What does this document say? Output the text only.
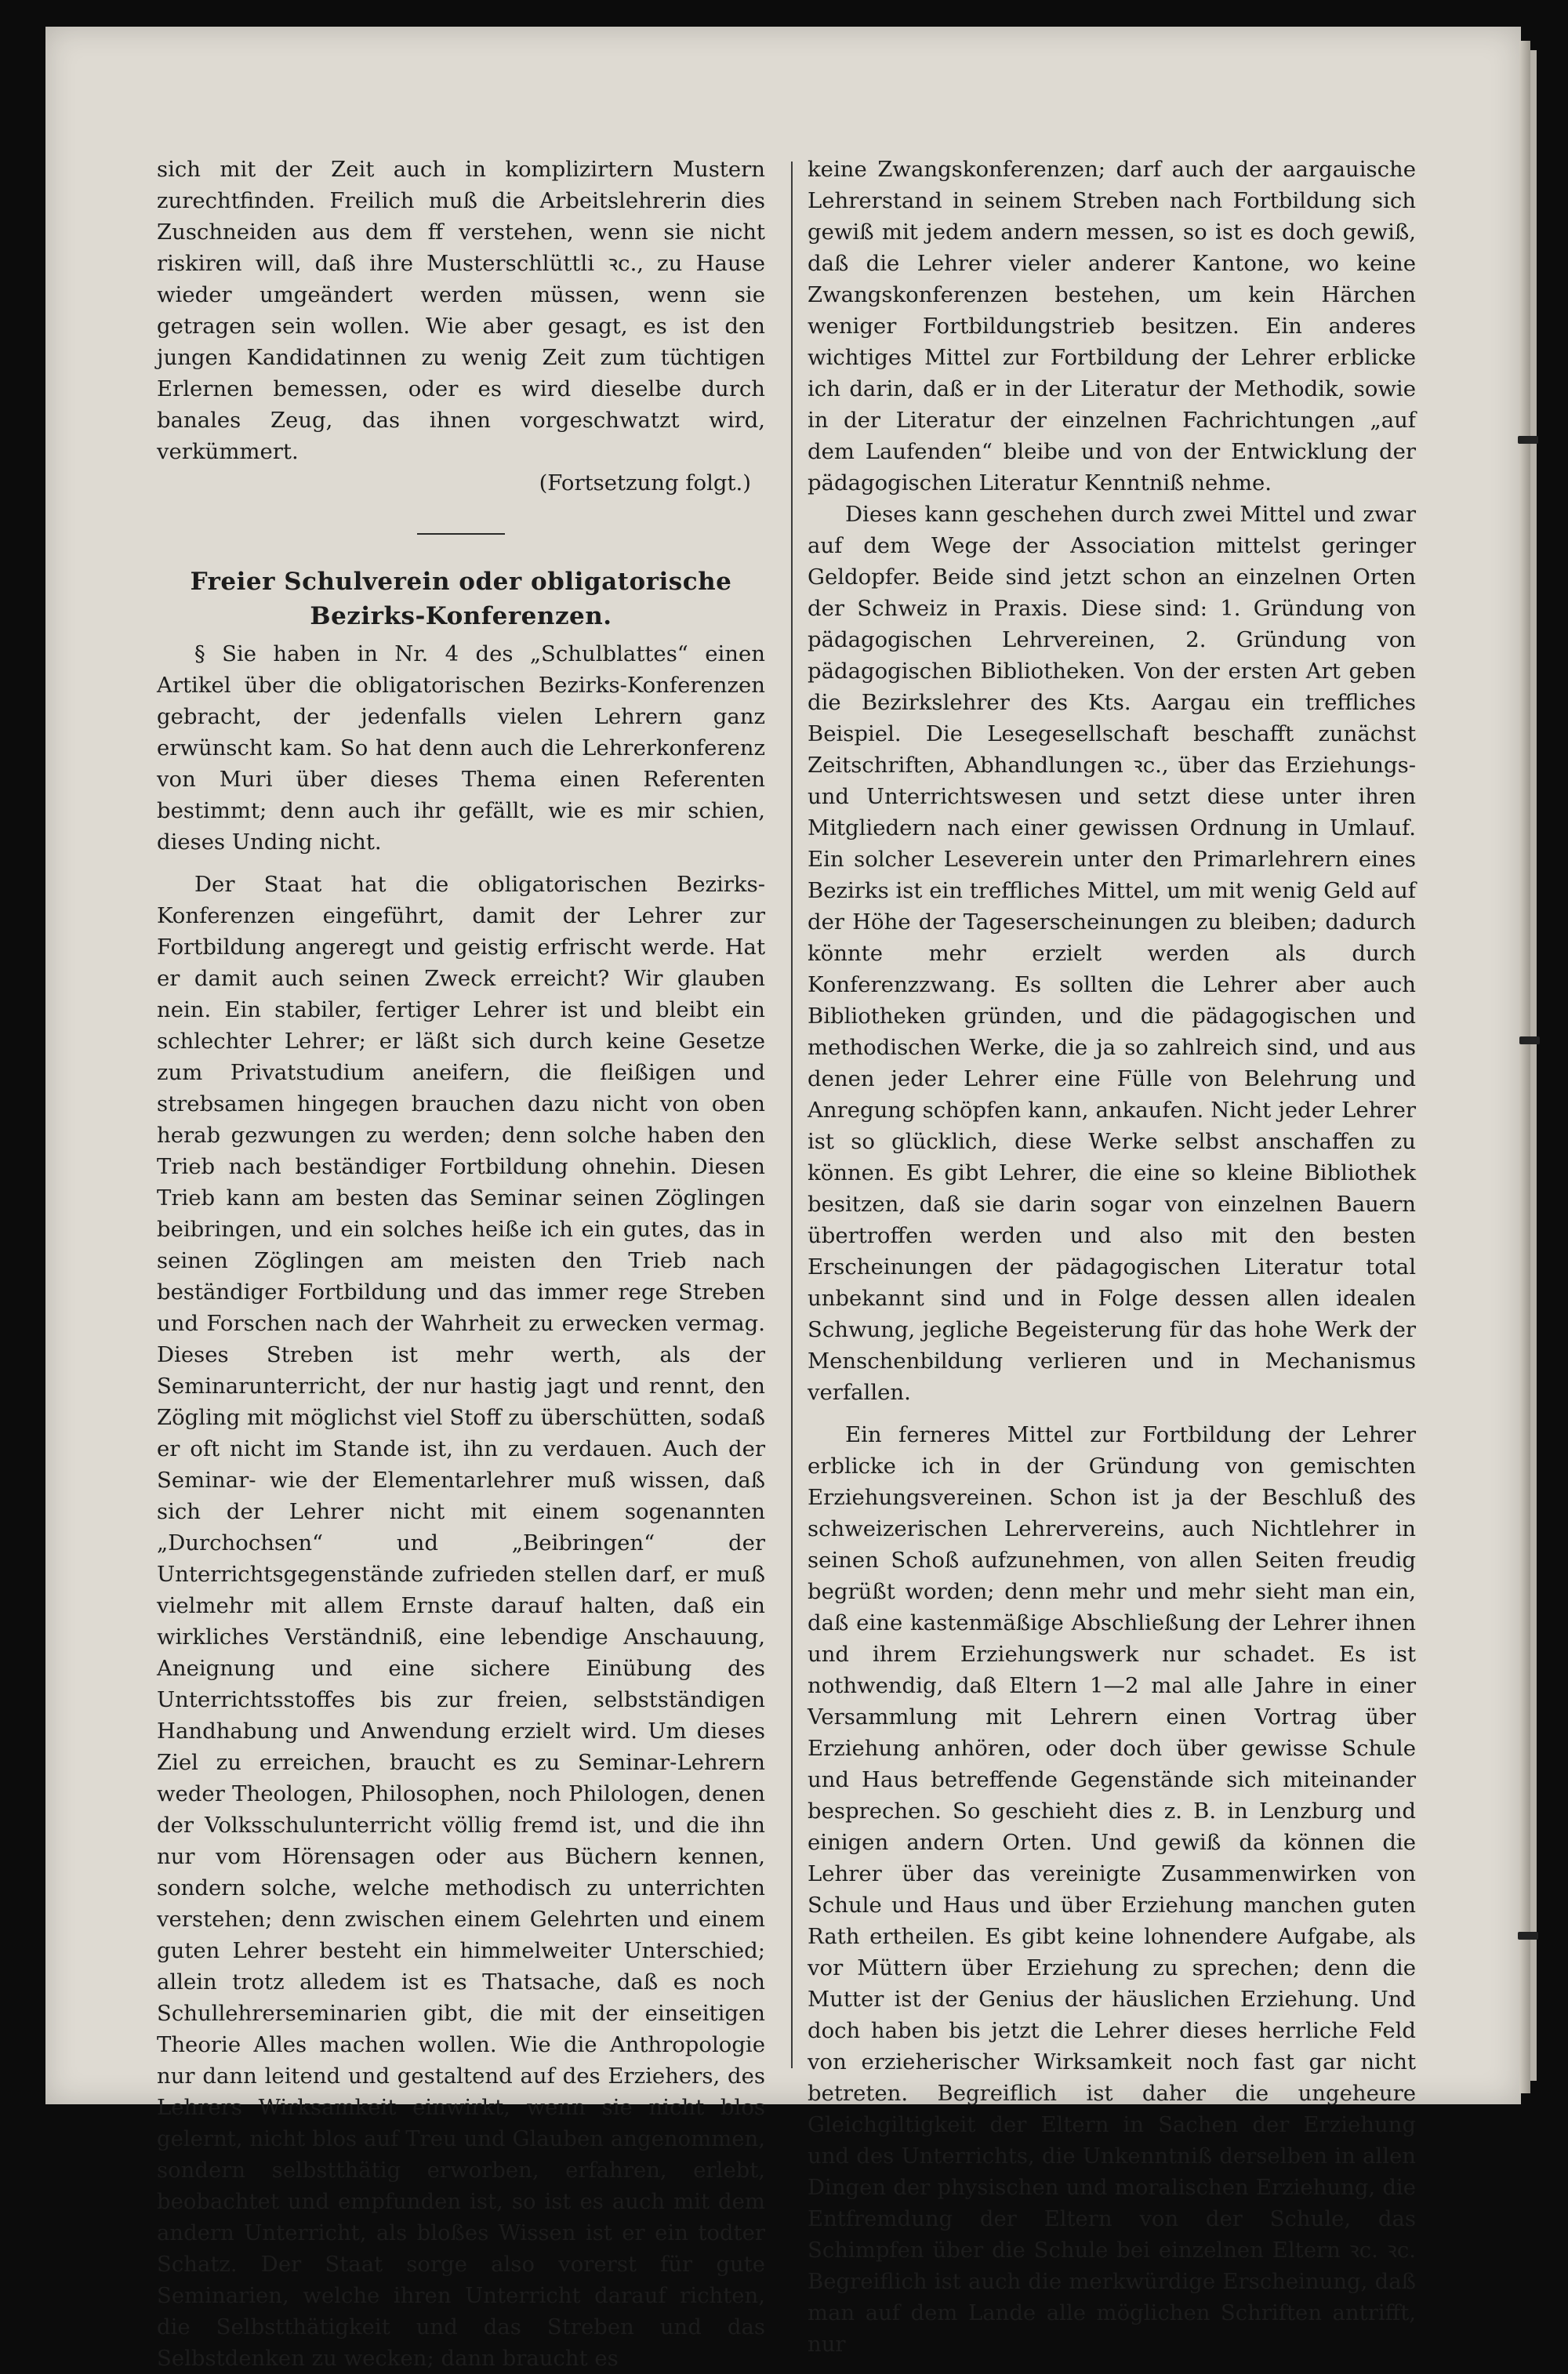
sich mit der Zeit auch in komplizirtern Mustern zurechtfinden. Freilich muß die Arbeitslehrerin dies Zuschneiden aus dem ff verstehen, wenn sie nicht riskiren will, daß ihre Musterschlüttli ꝛc., zu Hause wieder umgeändert werden müssen, wenn sie getragen sein wollen. Wie aber gesagt, es ist den jungen Kandidatinnen zu wenig Zeit zum tüchtigen Erlernen bemessen, oder es wird dieselbe durch banales Zeug, das ihnen vorgeschwatzt wird, verkümmert.

(Fortsetzung folgt.)

Freier Schulverein oder obligatorische Bezirks-Konferenzen.

§ Sie haben in Nr. 4 des „Schulblattes“ einen Artikel über die obligatorischen Bezirks-Konferenzen gebracht, der jedenfalls vielen Lehrern ganz erwünscht kam. So hat denn auch die Lehrerkonferenz von Muri über dieses Thema einen Referenten bestimmt; denn auch ihr gefällt, wie es mir schien, dieses Unding nicht.

Der Staat hat die obligatorischen Bezirks-Konferenzen eingeführt, damit der Lehrer zur Fortbildung angeregt und geistig erfrischt werde. Hat er damit auch seinen Zweck erreicht? Wir glauben nein. Ein stabiler, fertiger Lehrer ist und bleibt ein schlechter Lehrer; er läßt sich durch keine Gesetze zum Privatstudium aneifern, die fleißigen und strebsamen hingegen brauchen dazu nicht von oben herab gezwungen zu werden; denn solche haben den Trieb nach beständiger Fortbildung ohnehin. Diesen Trieb kann am besten das Seminar seinen Zöglingen beibringen, und ein solches heiße ich ein gutes, das in seinen Zöglingen am meisten den Trieb nach beständiger Fortbildung und das immer rege Streben und Forschen nach der Wahrheit zu erwecken vermag. Dieses Streben ist mehr werth, als der Seminarunterricht, der nur hastig jagt und rennt, den Zögling mit möglichst viel Stoff zu überschütten, sodaß er oft nicht im Stande ist, ihn zu verdauen. Auch der Seminar- wie der Elementarlehrer muß wissen, daß sich der Lehrer nicht mit einem sogenannten „Durchochsen“ und „Beibringen“ der Unterrichtsgegenstände zufrieden stellen darf, er muß vielmehr mit allem Ernste darauf halten, daß ein wirkliches Verständniß, eine lebendige Anschauung, Aneignung und eine sichere Einübung des Unterrichtsstoffes bis zur freien, selbstständigen Handhabung und Anwendung erzielt wird. Um dieses Ziel zu erreichen, braucht es zu Seminar-Lehrern weder Theologen, Philosophen, noch Philologen, denen der Volksschulunterricht völlig fremd ist, und die ihn nur vom Hörensagen oder aus Büchern kennen, sondern solche, welche methodisch zu unterrichten verstehen; denn zwischen einem Gelehrten und einem guten Lehrer besteht ein himmelweiter Unterschied; allein trotz alledem ist es Thatsache, daß es noch Schullehrerseminarien gibt, die mit der einseitigen Theorie Alles machen wollen. Wie die Anthropologie nur dann leitend und gestaltend auf des Erziehers, des Lehrers Wirksamkeit einwirkt, wenn sie nicht blos gelernt, nicht blos auf Treu und Glauben angenommen, sondern selbstthätig erworben, erfahren, erlebt, beobachtet und empfunden ist, so ist es auch mit dem andern Unterricht, als bloßes Wissen ist er ein todter Schatz. Der Staat sorge also vorerst für gute Seminarien, welche ihren Unterricht darauf richten, die Selbstthätigkeit und das Streben und das Selbstdenken zu wecken; dann braucht es

keine Zwangskonferenzen; darf auch der aargauische Lehrerstand in seinem Streben nach Fortbildung sich gewiß mit jedem andern messen, so ist es doch gewiß, daß die Lehrer vieler anderer Kantone, wo keine Zwangskonferenzen bestehen, um kein Härchen weniger Fortbildungstrieb besitzen. Ein anderes wichtiges Mittel zur Fortbildung der Lehrer erblicke ich darin, daß er in der Literatur der Methodik, sowie in der Literatur der einzelnen Fachrichtungen „auf dem Laufenden“ bleibe und von der Entwicklung der pädagogischen Literatur Kenntniß nehme.

Dieses kann geschehen durch zwei Mittel und zwar auf dem Wege der Association mittelst geringer Geldopfer. Beide sind jetzt schon an einzelnen Orten der Schweiz in Praxis. Diese sind: 1. Gründung von pädagogischen Lehrvereinen, 2. Gründung von pädagogischen Bibliotheken. Von der ersten Art geben die Bezirkslehrer des Kts. Aargau ein treffliches Beispiel. Die Lesegesellschaft beschafft zunächst Zeitschriften, Abhandlungen ꝛc., über das Erziehungs- und Unterrichtswesen und setzt diese unter ihren Mitgliedern nach einer gewissen Ordnung in Umlauf. Ein solcher Leseverein unter den Primarlehrern eines Bezirks ist ein treffliches Mittel, um mit wenig Geld auf der Höhe der Tageserscheinungen zu bleiben; dadurch könnte mehr erzielt werden als durch Konferenzzwang. Es sollten die Lehrer aber auch Bibliotheken gründen, und die pädagogischen und methodischen Werke, die ja so zahlreich sind, und aus denen jeder Lehrer eine Fülle von Belehrung und Anregung schöpfen kann, ankaufen. Nicht jeder Lehrer ist so glücklich, diese Werke selbst anschaffen zu können. Es gibt Lehrer, die eine so kleine Bibliothek besitzen, daß sie darin sogar von einzelnen Bauern übertroffen werden und also mit den besten Erscheinungen der pädagogischen Literatur total unbekannt sind und in Folge dessen allen idealen Schwung, jegliche Begeisterung für das hohe Werk der Menschenbildung verlieren und in Mechanismus verfallen.

Ein ferneres Mittel zur Fortbildung der Lehrer erblicke ich in der Gründung von gemischten Erziehungsvereinen. Schon ist ja der Beschluß des schweizerischen Lehrervereins, auch Nichtlehrer in seinen Schoß aufzunehmen, von allen Seiten freudig begrüßt worden; denn mehr und mehr sieht man ein, daß eine kastenmäßige Abschließung der Lehrer ihnen und ihrem Erziehungswerk nur schadet. Es ist nothwendig, daß Eltern 1—2 mal alle Jahre in einer Versammlung mit Lehrern einen Vortrag über Erziehung anhören, oder doch über gewisse Schule und Haus betreffende Gegenstände sich miteinander besprechen. So geschieht dies z. B. in Lenzburg und einigen andern Orten. Und gewiß da können die Lehrer über das vereinigte Zusammenwirken von Schule und Haus und über Erziehung manchen guten Rath ertheilen. Es gibt keine lohnendere Aufgabe, als vor Müttern über Erziehung zu sprechen; denn die Mutter ist der Genius der häuslichen Erziehung. Und doch haben bis jetzt die Lehrer dieses herrliche Feld von erzieherischer Wirksamkeit noch fast gar nicht betreten. Begreiflich ist daher die ungeheure Gleichgiltigkeit der Eltern in Sachen der Erziehung und des Unterrichts, die Unkenntniß derselben in allen Dingen der physischen und moralischen Erziehung, die Entfremdung der Eltern von der Schule, das Schimpfen über die Schule bei einzelnen Eltern ꝛc. ꝛc. Begreiflich ist auch die merkwürdige Erscheinung, daß man auf dem Lande alle möglichen Schriften antrifft, nur
